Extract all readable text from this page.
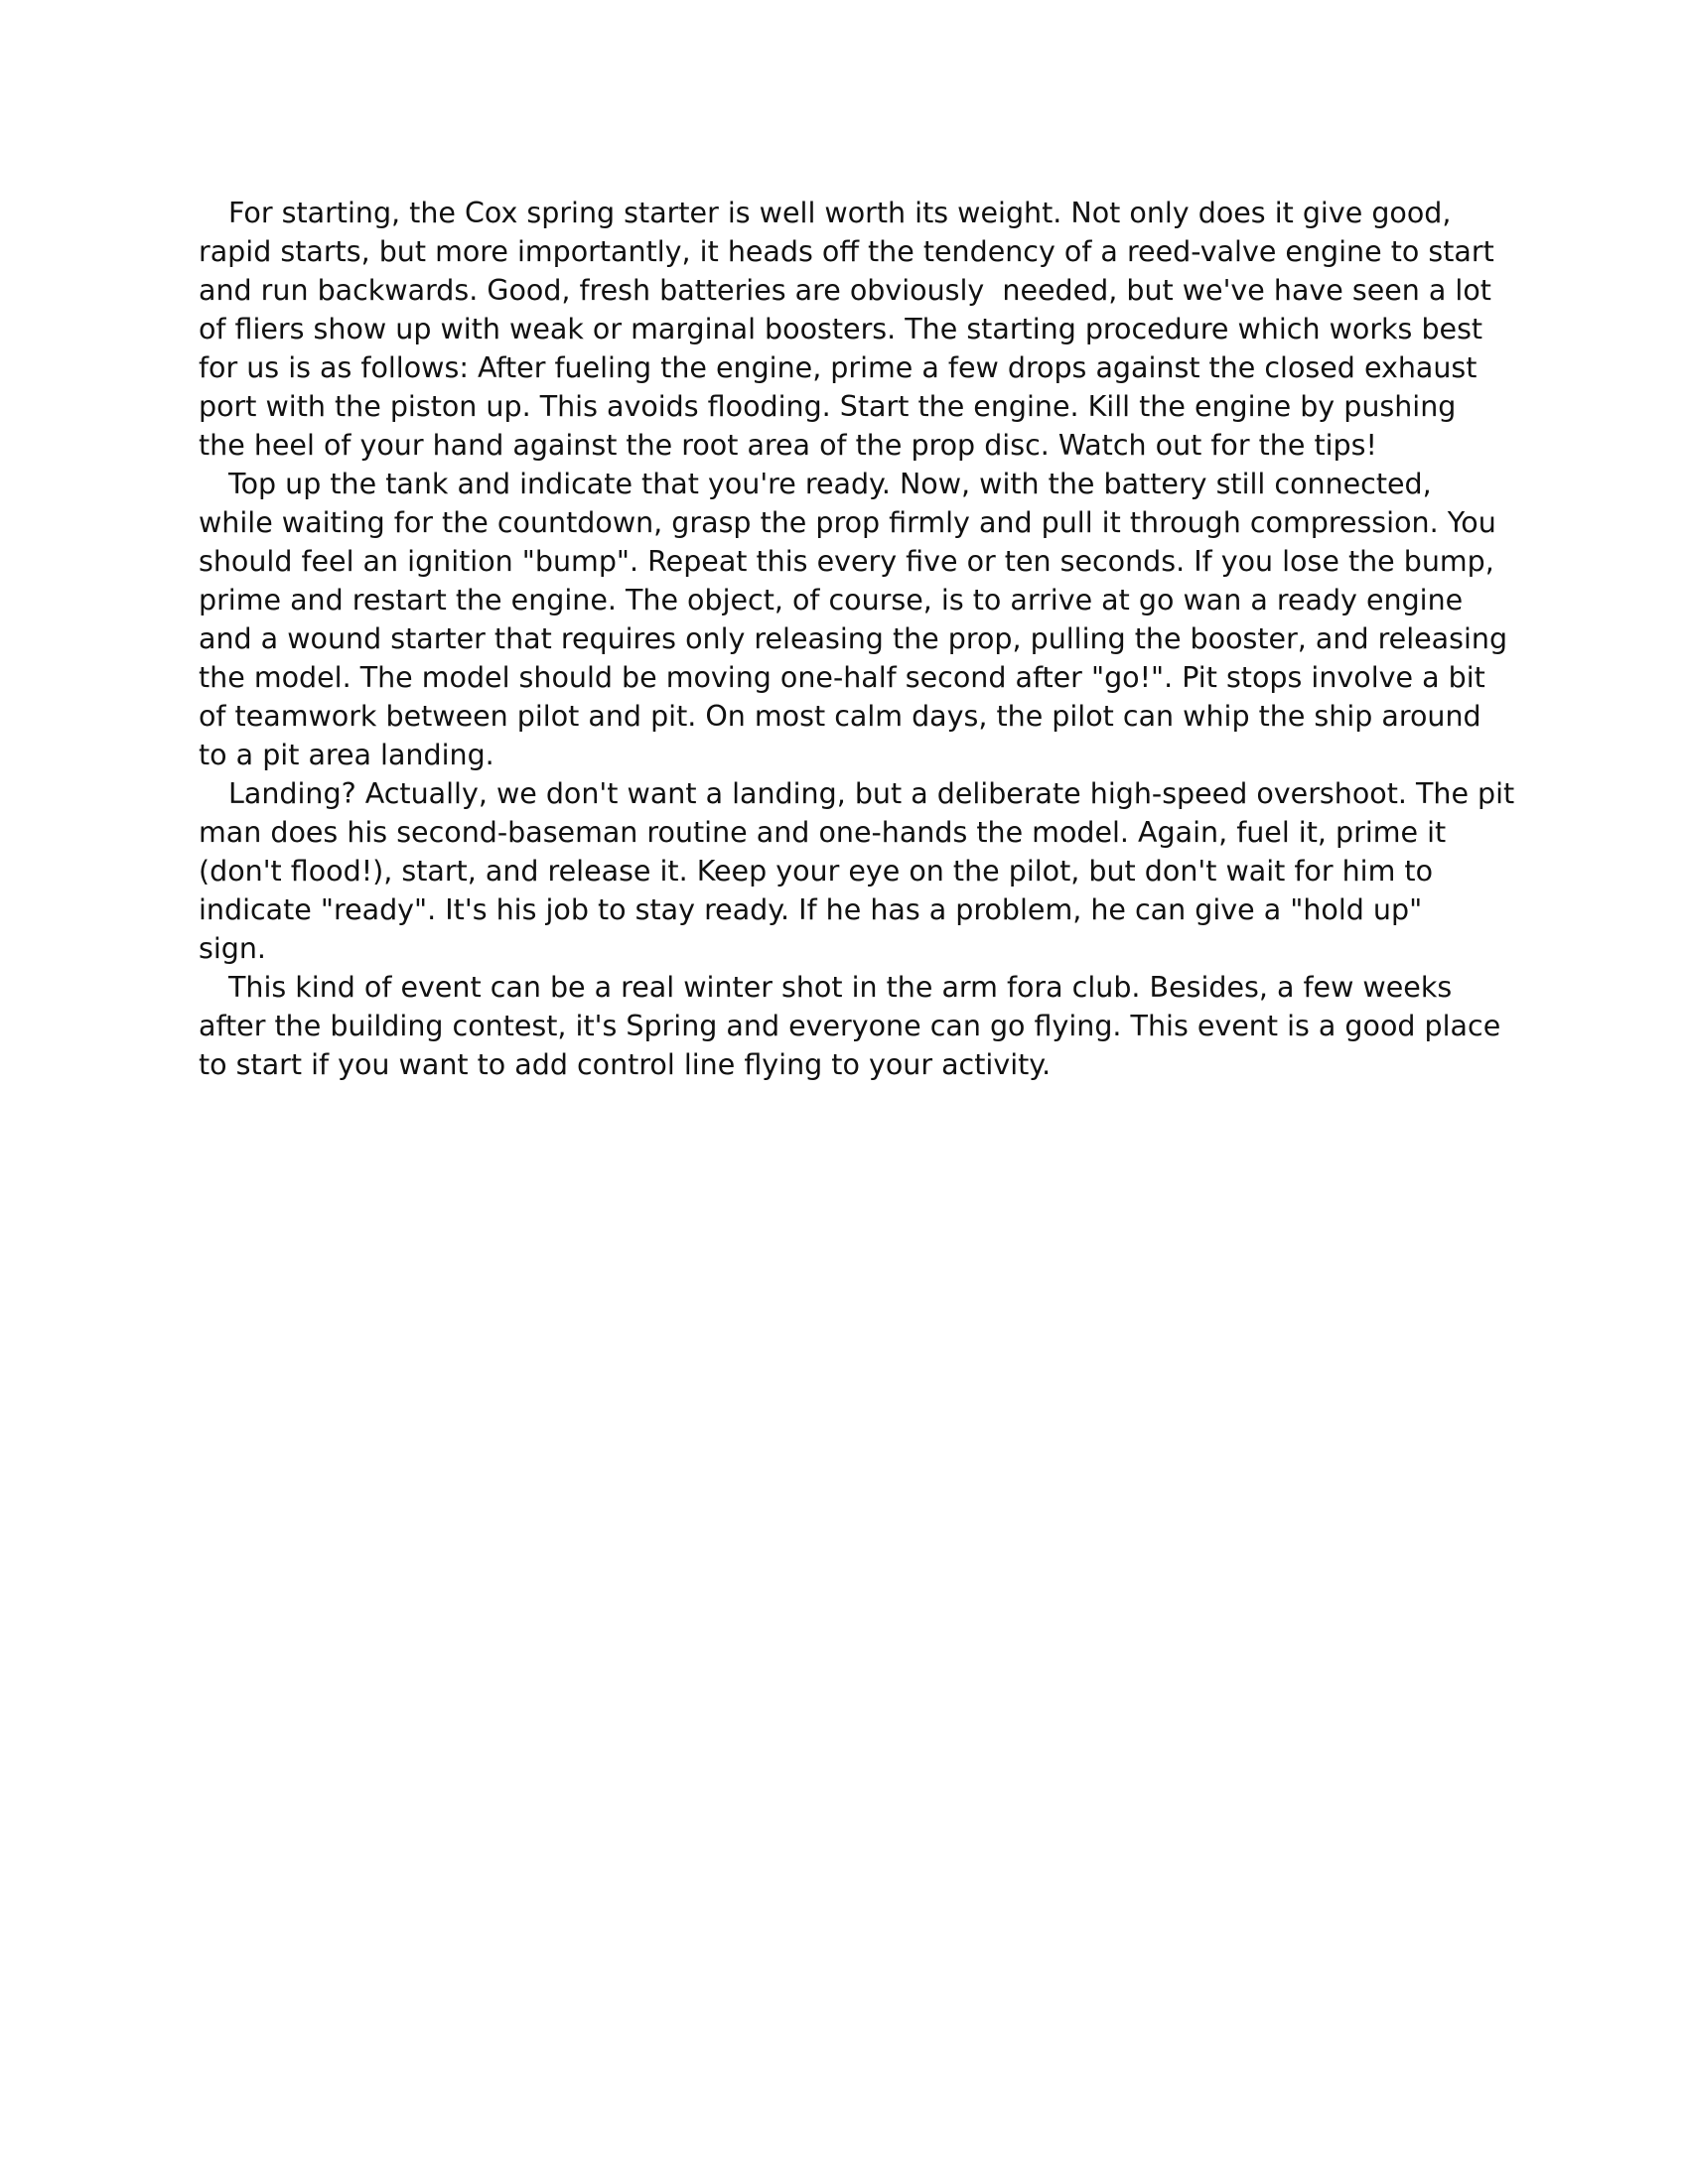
For starting, the Cox spring starter is well worth its weight. Not only does it give good,
rapid starts, but more importantly, it heads off the tendency of a reed-valve engine to start
and run backwards. Good, fresh batteries are obviously  needed, but we've have seen a lot
of fliers show up with weak or marginal boosters. The starting procedure which works best
for us is as follows: After fueling the engine, prime a few drops against the closed exhaust
port with the piston up. This avoids flooding. Start the engine. Kill the engine by pushing
the heel of your hand against the root area of the prop disc. Watch out for the tips!
Top up the tank and indicate that you're ready. Now, with the battery still connected,
while waiting for the countdown, grasp the prop firmly and pull it through compression. You
should feel an ignition "bump". Repeat this every five or ten seconds. If you lose the bump,
prime and restart the engine. The object, of course, is to arrive at go wan a ready engine
and a wound starter that requires only releasing the prop, pulling the booster, and releasing
the model. The model should be moving one-half second after "go!". Pit stops involve a bit
of teamwork between pilot and pit. On most calm days, the pilot can whip the ship around
to a pit area landing.
Landing? Actually, we don't want a landing, but a deliberate high-speed overshoot. The pit
man does his second-baseman routine and one-hands the model. Again, fuel it, prime it
(don't flood!), start, and release it. Keep your eye on the pilot, but don't wait for him to
indicate "ready". It's his job to stay ready. If he has a problem, he can give a "hold up"
sign.
This kind of event can be a real winter shot in the arm fora club. Besides, a few weeks
after the building contest, it's Spring and everyone can go flying. This event is a good place
to start if you want to add control line flying to your activity.
